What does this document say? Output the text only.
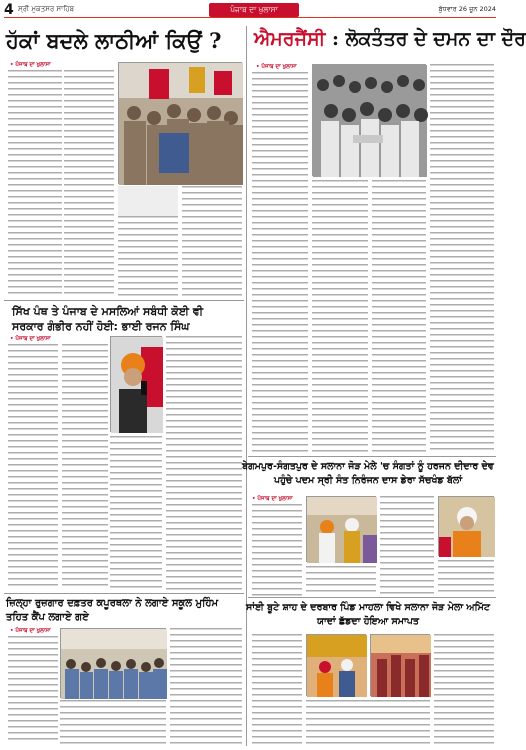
4 ਸ੍ਰੀ ਮੁਕਤਸਰ ਸਾਹਿਬ	ਪੰਜਾਬ ਦਾ ਖੁਲਾਸਾ	ਬੁੱਧਵਾਰ 26 ਜੂਨ 2024
ਹੱਕਾਂ ਬਦਲੇ ਲਾਠੀਆਂ ਕਿਉਂ ?	ਐਮਰਜੈਂਸੀ : ਲੋਕਤੰਤਰ ਦੇ ਦਮਨ ਦਾ ਦੌਰ
• ਪੰਜਾਬ ਦਾ ਖੁਲਾਸਾ
ਸਿੱਖ ਪੰਥ ਤੇ ਪੰਜਾਬ ਦੇ ਮਸਲਿਆਂ ਸਬੰਧੀ ਕੋਈ ਵੀ ਸਰਕਾਰ ਗੰਭੀਰ ਨਹੀਂ ਹੋਈ: ਭਾਈ ਰਜਨ ਸਿੰਘ
• ਪੰਜਾਬ ਦਾ ਖੁਲਾਸਾ
ਜ਼ਿਲ੍ਹਾ ਰੁਜ਼ਗਾਰ ਦਫ਼ਤਰ ਕਪੂਰਥਲਾ ਨੇ ਲਗਾਏ ਸਕੂਲ ਮੁਹਿੰਮ ਤਹਿਤ ਕੈਂਪ ਲਗਾਏ ਗਏ
• ਪੰਜਾਬ ਦਾ ਖੁਲਾਸਾ
• ਪੰਜਾਬ ਦਾ ਖੁਲਾਸਾ
ਬੇਗਮਪੁਰ-ਸੰਗਤਪੁਰ ਦੇ ਸਲਾਨਾ ਜੋੜ ਮੇਲੇ 'ਚ ਸੰਗਤਾਂ ਨੂੰ ਹਰਜਨ ਦੀਦਾਰ ਦੇਵ ਪਹੁੰਚੇ ਪਦਮ ਸ੍ਰੀ ਸੰਤ ਨਿਰੰਜਨ ਦਾਸ ਡੇਰਾ ਸੱਚਖੰਡ ਬੱਲਾਂ
• ਪੰਜਾਬ ਦਾ ਖੁਲਾਸਾ
ਸਾਂਈ ਬੂਟੇ ਸ਼ਾਹ ਦੇ ਦਰਬਾਰ ਪਿੰਡ ਮਾਹਲਾ ਵਿਖੇ ਸਲਾਨਾ ਜੋੜ ਮੇਲਾ ਅਮਿੱਟ ਯਾਦਾਂ ਛੱਡਦਾ ਹੋਇਆ ਸਮਾਪਤ
